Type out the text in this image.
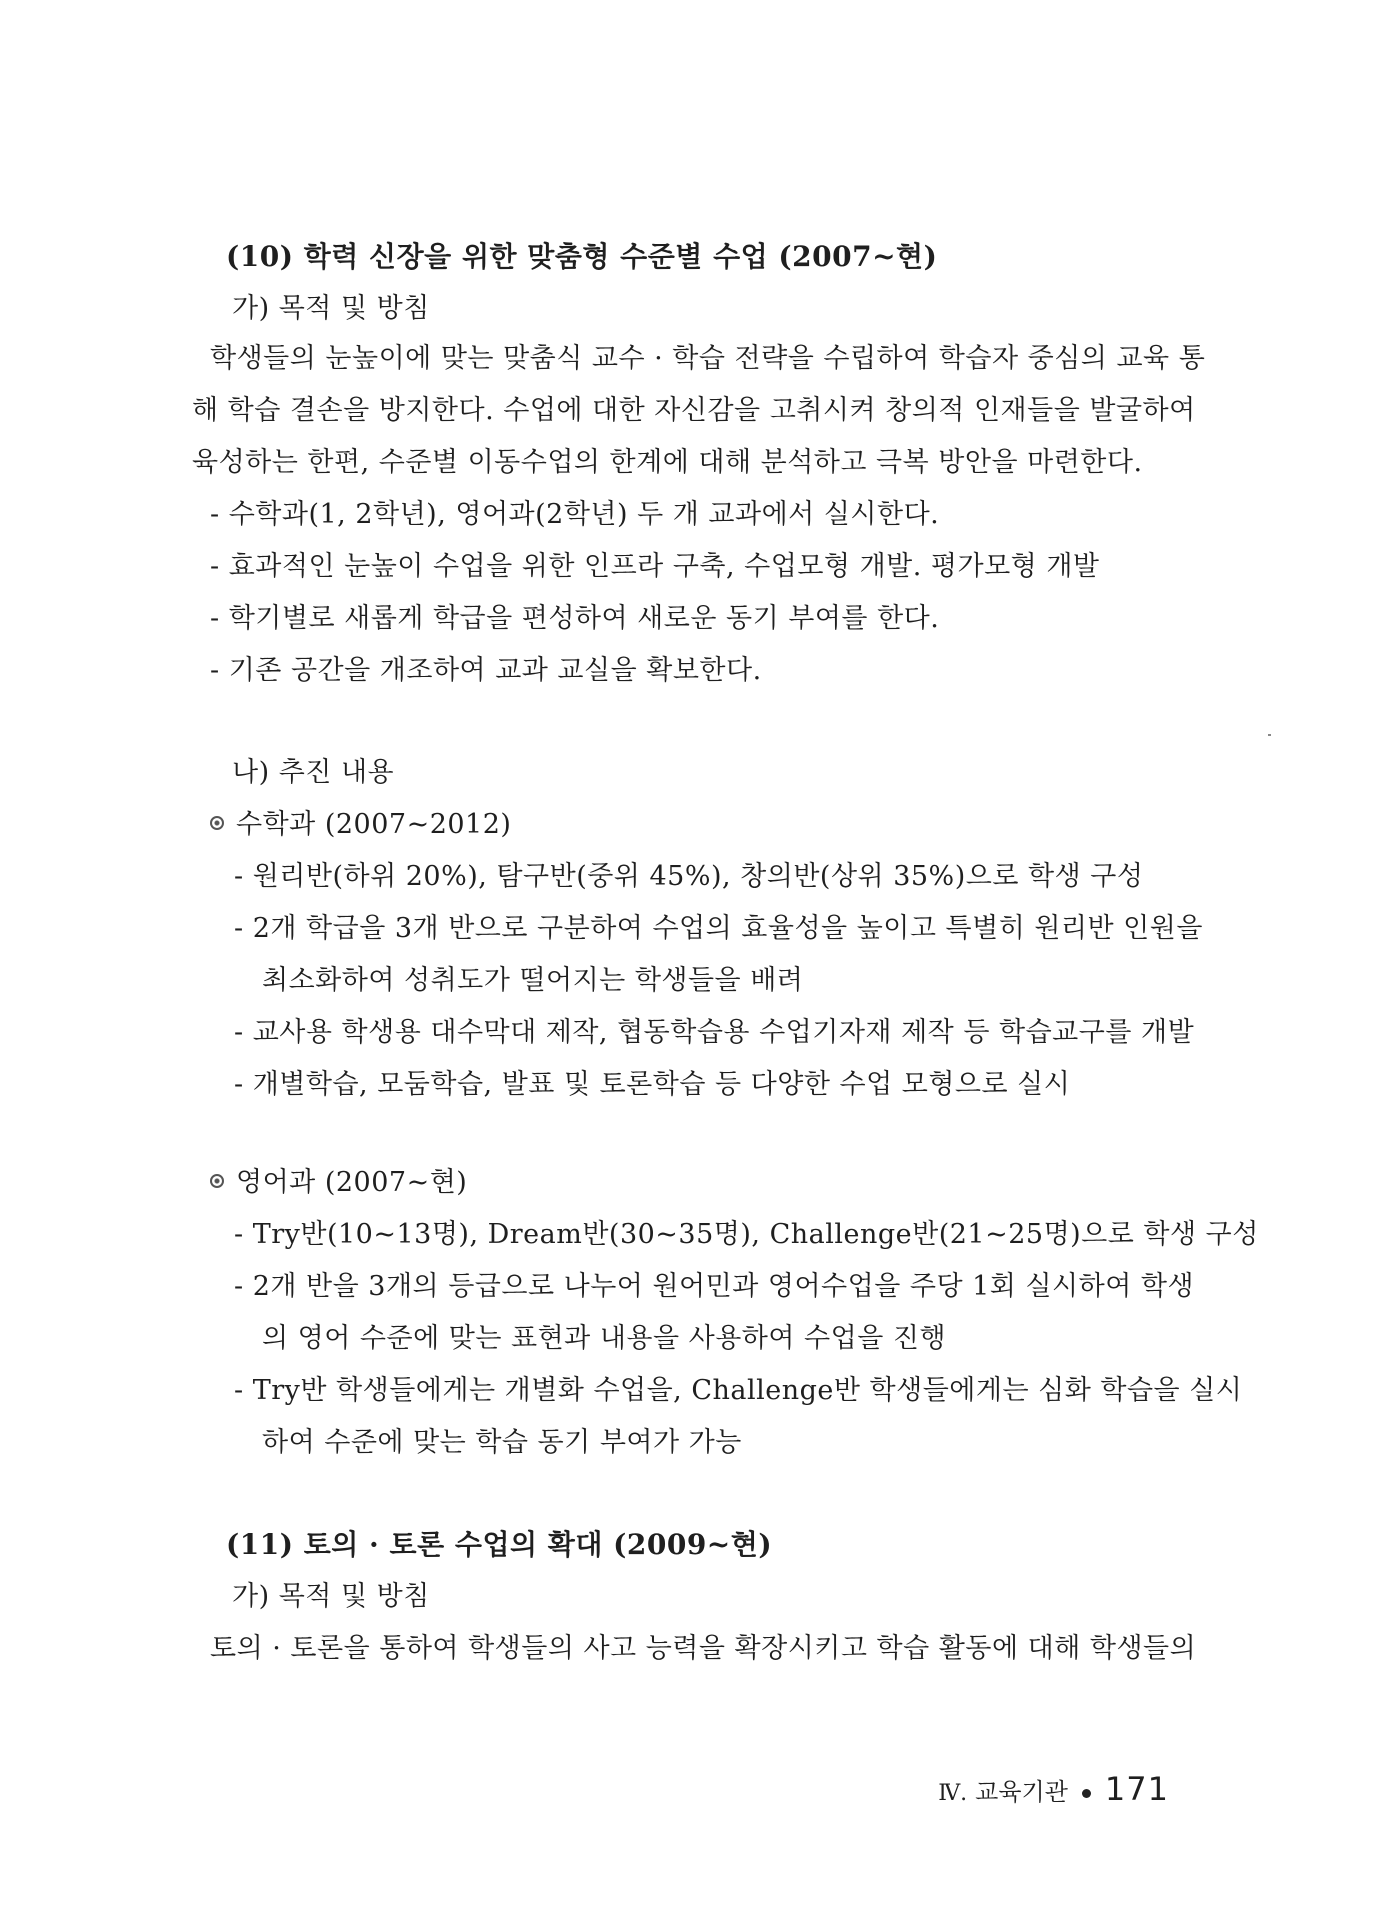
(10) 학력 신장을 위한 맞춤형 수준별 수업 (2007~현)
가) 목적 및 방침
학생들의 눈높이에 맞는 맞춤식 교수 · 학습 전략을 수립하여 학습자 중심의 교육 통
해 학습 결손을 방지한다. 수업에 대한 자신감을 고취시켜 창의적 인재들을 발굴하여
육성하는 한편, 수준별 이동수업의 한계에 대해 분석하고 극복 방안을 마련한다.
- 수학과(1, 2학년), 영어과(2학년) 두 개 교과에서 실시한다.
- 효과적인 눈높이 수업을 위한 인프라 구축, 수업모형 개발. 평가모형 개발
- 학기별로 새롭게 학급을 편성하여 새로운 동기 부여를 한다.
- 기존 공간을 개조하여 교과 교실을 확보한다.
나) 추진 내용
수학과 (2007~2012)
- 원리반(하위 20%), 탐구반(중위 45%), 창의반(상위 35%)으로 학생 구성
- 2개 학급을 3개 반으로 구분하여 수업의 효율성을 높이고 특별히 원리반 인원을
최소화하여 성취도가 떨어지는 학생들을 배려
- 교사용 학생용 대수막대 제작, 협동학습용 수업기자재 제작 등 학습교구를 개발
- 개별학습, 모둠학습, 발표 및 토론학습 등 다양한 수업 모형으로 실시
영어과 (2007~현)
- Try반(10~13명), Dream반(30~35명), Challenge반(21~25명)으로 학생 구성
- 2개 반을 3개의 등급으로 나누어 원어민과 영어수업을 주당 1회 실시하여 학생
의 영어 수준에 맞는 표현과 내용을 사용하여 수업을 진행
- Try반 학생들에게는 개별화 수업을, Challenge반 학생들에게는 심화 학습을 실시
하여 수준에 맞는 학습 동기 부여가 가능
(11) 토의 · 토론 수업의 확대 (2009~현)
가) 목적 및 방침
토의 · 토론을 통하여 학생들의 사고 능력을 확장시키고 학습 활동에 대해 학생들의
Ⅳ. 교육기관 171
